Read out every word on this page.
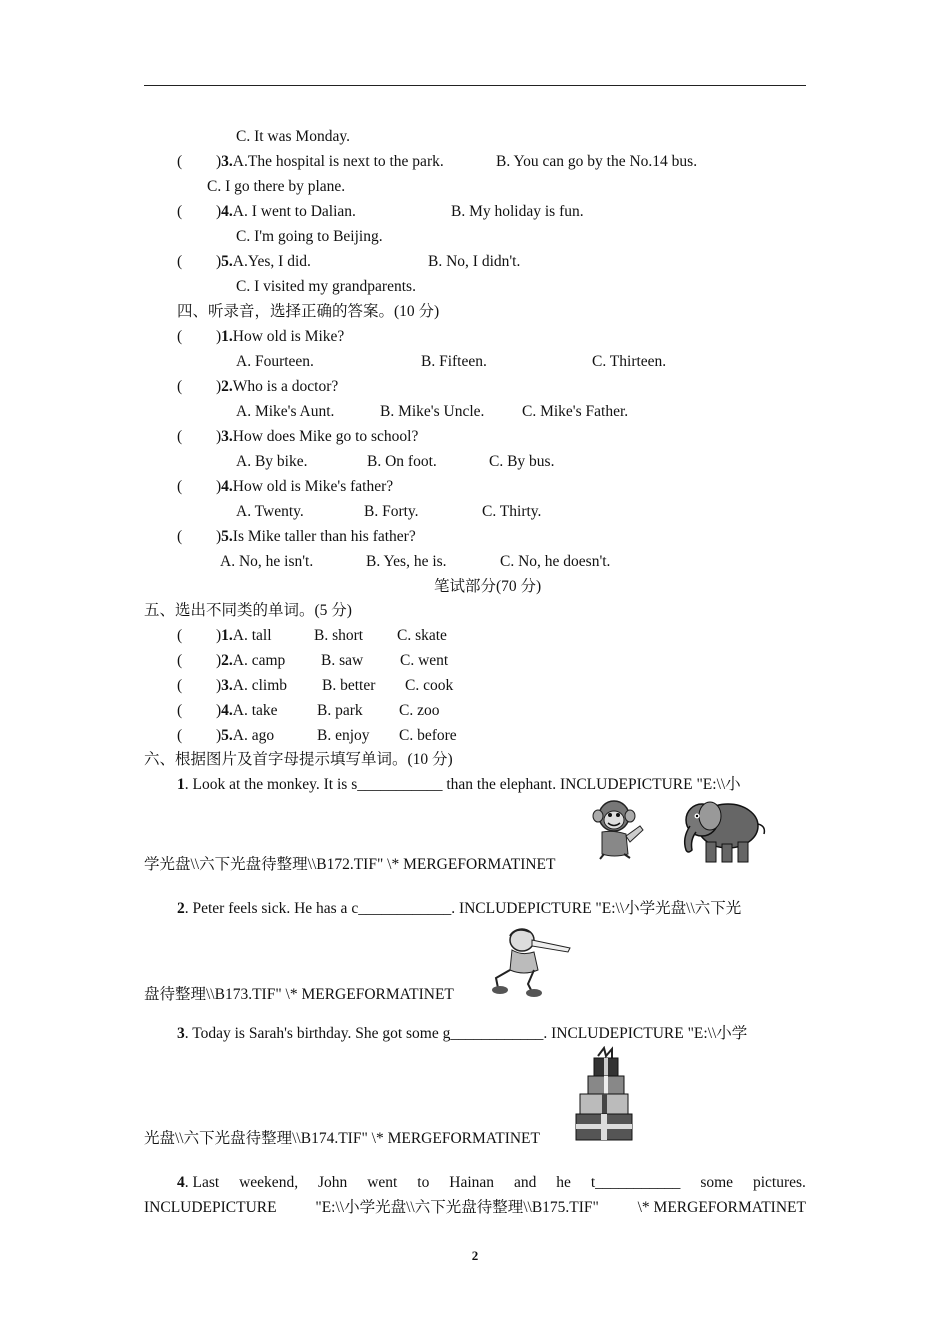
C. It was Monday.
( )3.A.The hospital is next to the park.	B. You can go by the No.14 bus.
C. I go there by plane.
( )4.A. I went to Dalian.	B. My holiday is fun.
C. I'm going to Beijing.
( )5.A.Yes, I did.	B. No, I didn't.
C. I visited my grandparents.
四、听录音，选择正确的答案。(10 分)
( )1.How old is Mike?
A. Fourteen.	B. Fifteen.	C. Thirteen.
( )2.Who is a doctor?
A. Mike's Aunt.	B. Mike's Uncle. C. Mike's Father.
( )3.How does Mike go to school?
A. By bike.	B. On foot.	C. By bus.
( )4.How old is Mike's father?
A. Twenty.	B. Forty.	C. Thirty.
( )5.Is Mike taller than his father?
A. No, he isn't.	B. Yes, he is.	C. No, he doesn't.
笔试部分(70 分)
五、选出不同类的单词。(5 分)
( )1.A. tall	B. short C. skate
( )2.A. camp B. saw C. went
( )3.A. climb B. better C. cook
( )4.A. take	B. park C. zoo
( )5.A. ago	B. enjoy C. before
六、根据图片及首字母提示填写单词。(10 分)
1. Look at the monkey. It is s___________ than the elephant. INCLUDEPICTURE "E:\\小
学光盘\\六下光盘待整理\\B172.TIF" \* MERGEFORMATINET
2. Peter feels sick. He has a c____________. INCLUDEPICTURE "E:\\小学光盘\\六下光
盘待整理\\B173.TIF" \* MERGEFORMATINET
3. Today is Sarah's birthday. She got some g____________. INCLUDEPICTURE "E:\\小学
光盘\\六下光盘待整理\\B174.TIF" \* MERGEFORMATINET
4. Last weekend, John went to Hainan and he t___________ some pictures.
INCLUDEPICTURE	"E:\\小学光盘\\六下光盘待整理\\B175.TIF"	\* MERGEFORMATINET
2
